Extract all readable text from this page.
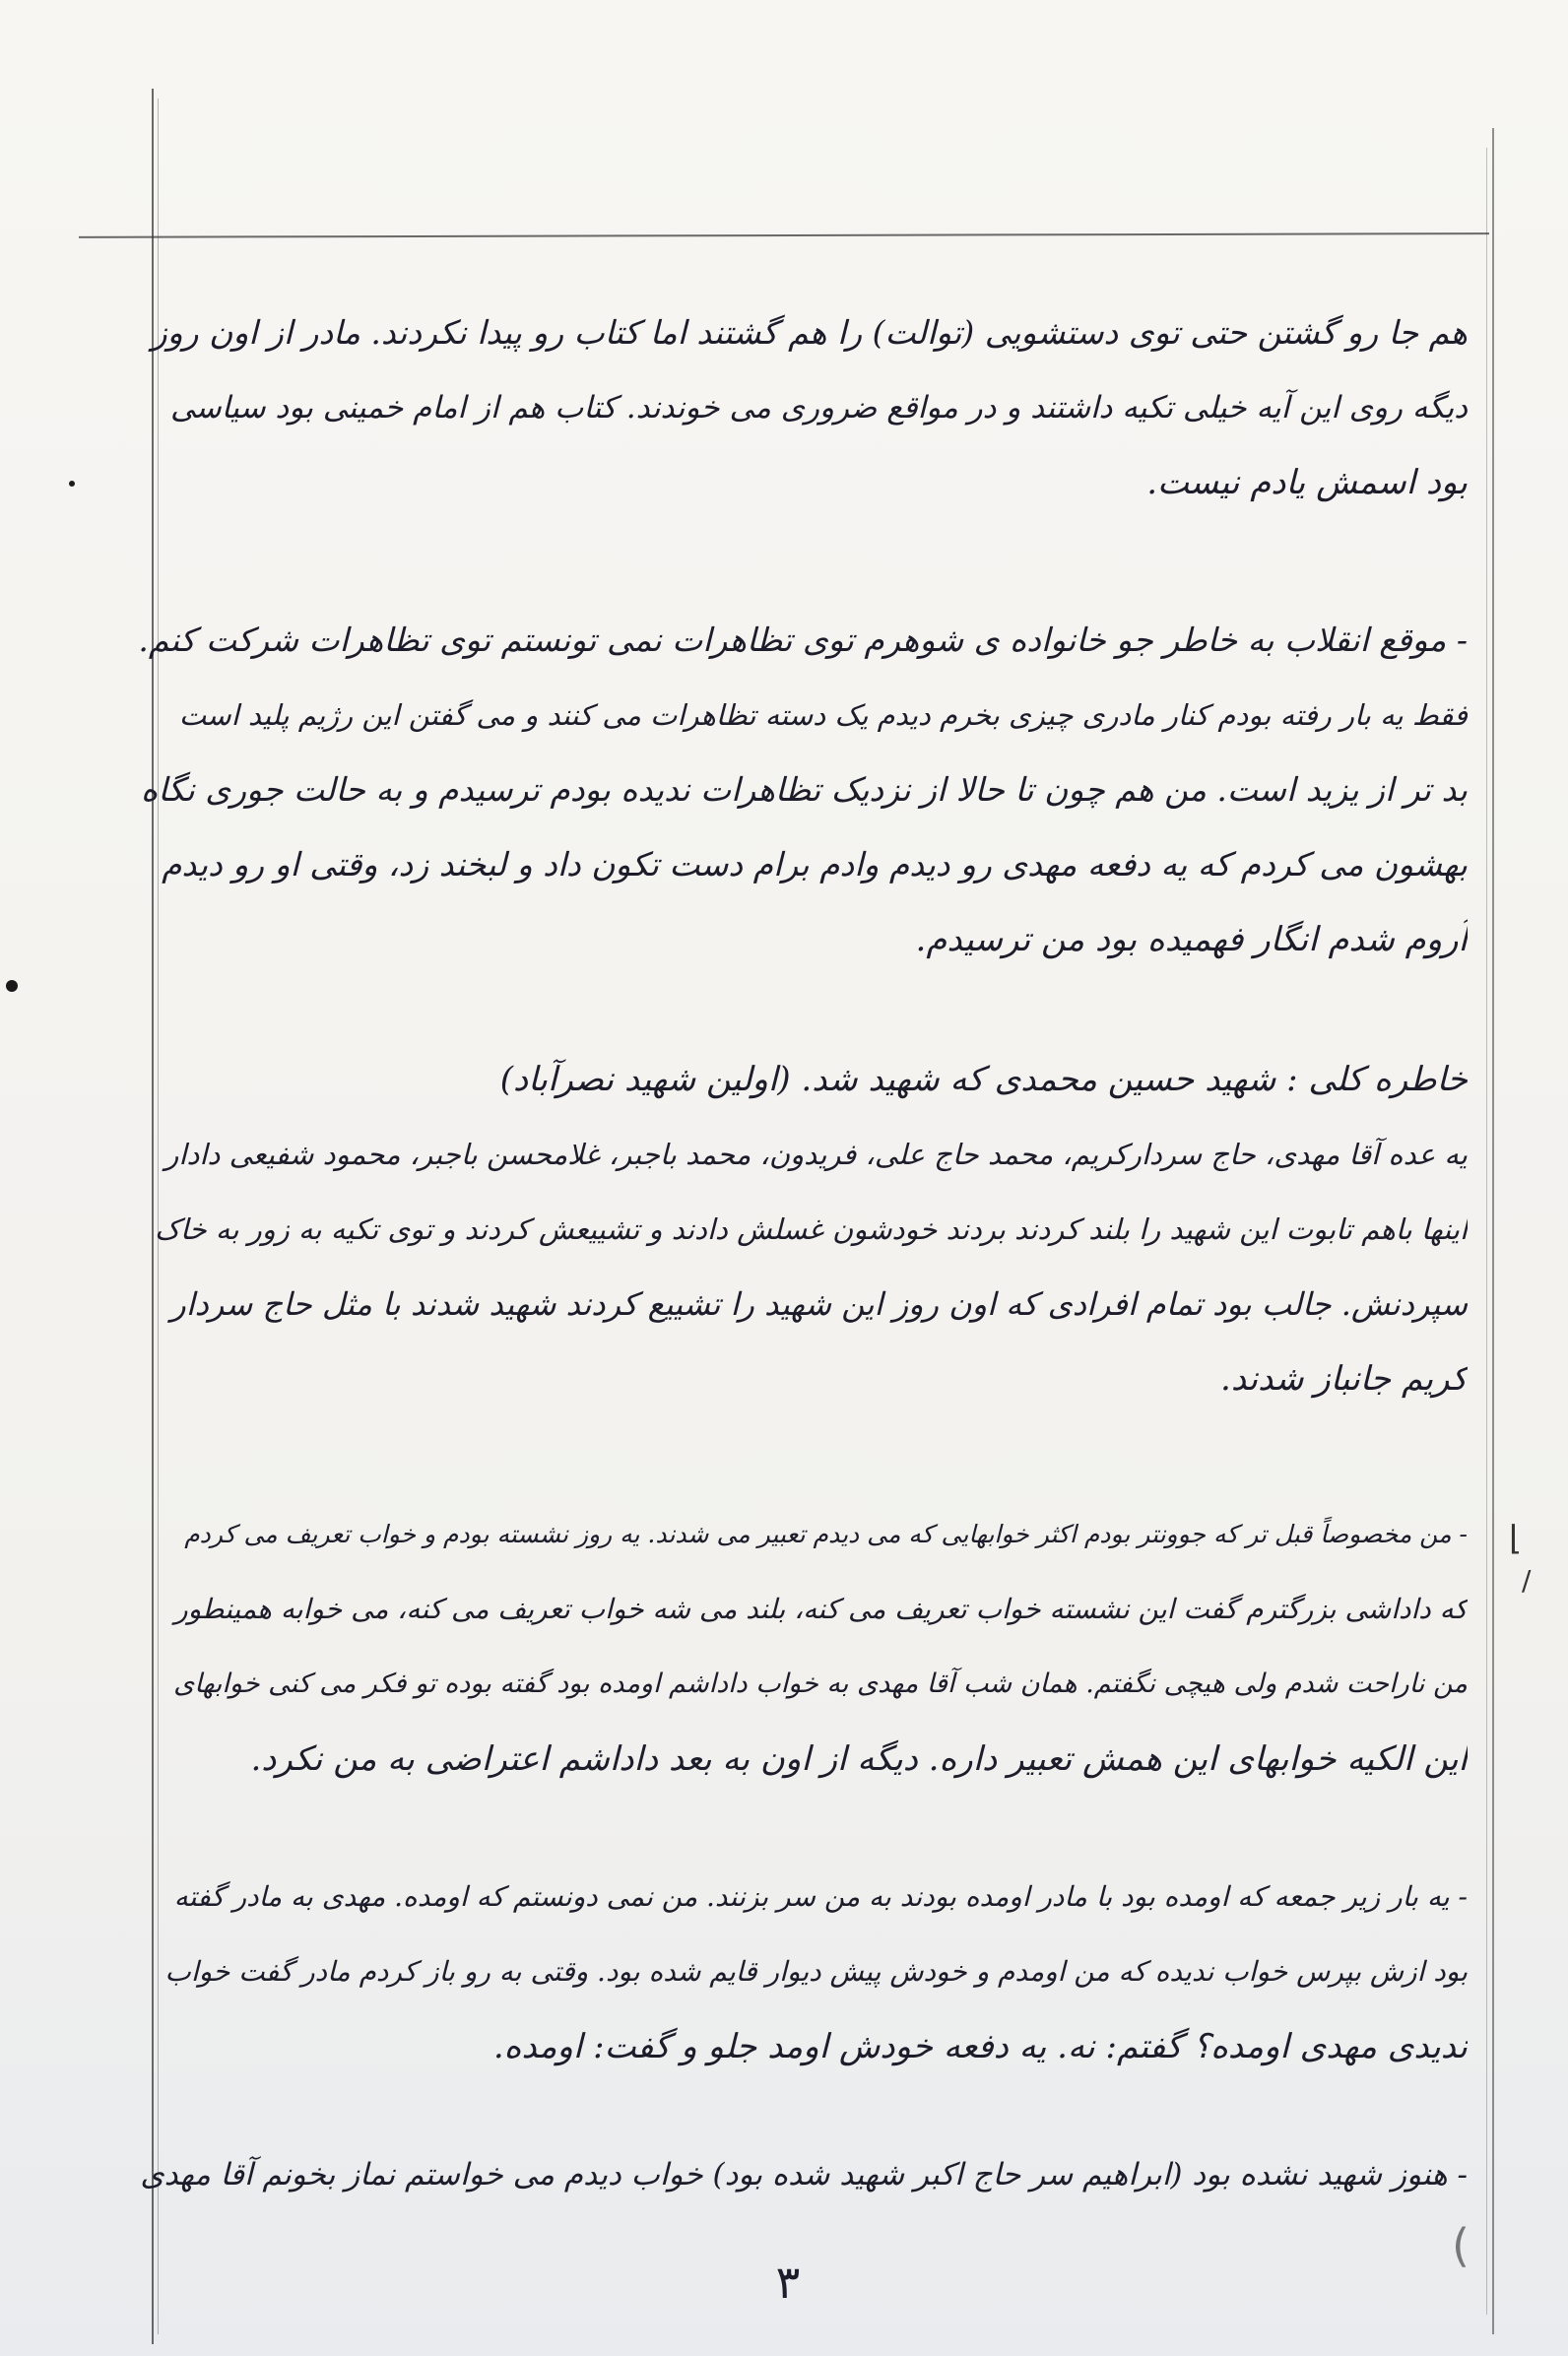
⌊
/
(
هم جا رو گشتن حتی توی دستشویی (توالت) را هم گشتند اما کتاب رو پیدا نکردند. مادر از اون روز
دیگه روی این آیه خیلی تکیه داشتند و در مواقع ضروری می خوندند. کتاب هم از امام خمینی بود سیاسی
بود اسمش یادم نیست.
- موقع انقلاب به خاطر جو خانواده ی شوهرم توی تظاهرات نمی تونستم توی تظاهرات شرکت کنم.
فقط یه بار رفته بودم کنار مادری چیزی بخرم دیدم یک دسته تظاهرات می کنند و می گفتن این رژیم پلید است
بد تر از یزید است. من هم چون تا حالا از نزدیک تظاهرات ندیده بودم ترسیدم و به حالت جوری نگاه
بهشون می کردم که یه دفعه مهدی رو دیدم وادم برام دست تکون داد و لبخند زد، وقتی او رو دیدم
آروم شدم انگار فهمیده بود من ترسیدم.
خاطره کلی : شهید حسین محمدی که شهید شد. (اولین شهید نصرآباد)
یه عده آقا مهدی، حاج سردارکریم، محمد حاج علی، فریدون، محمد باجبر، غلامحسن باجبر، محمود شفیعی دادار
اینها باهم تابوت این شهید را بلند کردند بردند خودشون غسلش دادند و تشییعش کردند و توی تکیه به زور به خاک
سپردنش. جالب بود تمام افرادی که اون روز این شهید را تشییع کردند شهید شدند با مثل حاج سردار
کریم جانباز شدند.
- من مخصوصاً قبل تر که جوونتر بودم اکثر خوابهایی که می دیدم تعبیر می شدند. یه روز نشسته بودم و خواب تعریف می کردم
که داداشی بزرگترم گفت این نشسته خواب تعریف می کنه، بلند می شه خواب تعریف می کنه، می خوابه همینطور
من ناراحت شدم ولی هیچی نگفتم. همان شب آقا مهدی به خواب داداشم اومده بود گفته بوده تو فکر می کنی خوابهای
این الکیه خوابهای این همش تعبیر داره. دیگه از اون به بعد داداشم اعتراضی به من نکرد.
- یه بار زیر جمعه که اومده بود با مادر اومده بودند به من سر بزنند. من نمی دونستم که اومده. مهدی به مادر گفته
بود ازش بپرس خواب ندیده که من اومدم و خودش پیش دیوار قایم شده بود. وقتی به رو باز کردم مادر گفت خواب
ندیدی مهدی اومده؟ گفتم: نه. یه دفعه خودش اومد جلو و گفت: اومده.
- هنوز شهید نشده بود (ابراهیم سر حاج اکبر شهید شده بود) خواب دیدم می خواستم نماز بخونم آقا مهدی
۳
